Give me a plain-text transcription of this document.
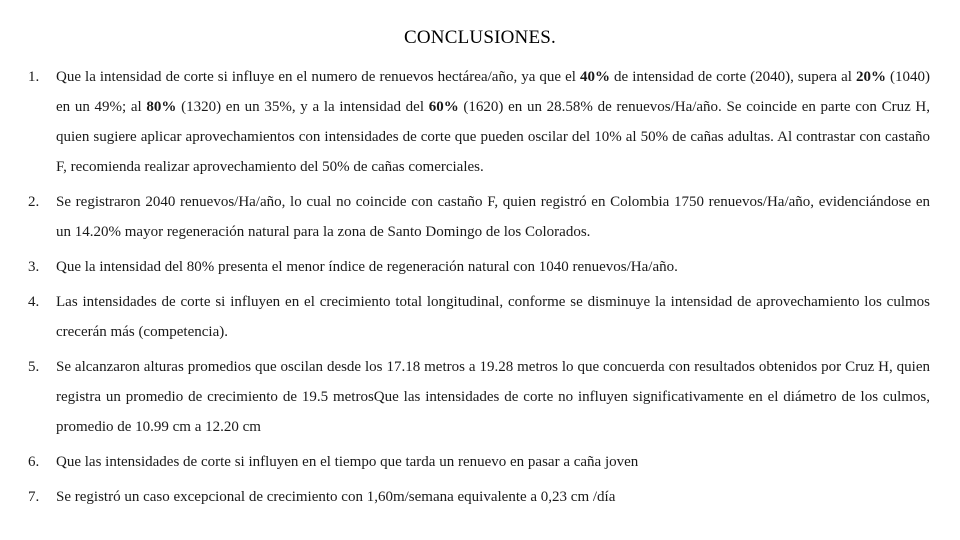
CONCLUSIONES.
1. Que la intensidad de corte si influye en el numero de renuevos hectárea/año, ya que el 40% de intensidad de corte (2040), supera al 20% (1040) en un 49%; al 80% (1320) en un 35%, y a la intensidad del 60% (1620) en un 28.58% de renuevos/Ha/año. Se coincide en parte con Cruz H, quien sugiere aplicar aprovechamientos con intensidades de corte que pueden oscilar del 10% al 50% de cañas adultas. Al contrastar con castaño F, recomienda realizar aprovechamiento del 50% de cañas comerciales.
2. Se registraron 2040 renuevos/Ha/año, lo cual no coincide con castaño F, quien registró en Colombia 1750 renuevos/Ha/año, evidenciándose en un 14.20% mayor regeneración natural para la zona de Santo Domingo de los Colorados.
3. Que la intensidad del 80% presenta el menor índice de regeneración natural con 1040 renuevos/Ha/año.
4. Las intensidades de corte si influyen en el crecimiento total longitudinal, conforme se disminuye la intensidad de aprovechamiento los culmos crecerán más (competencia).
5. Se alcanzaron alturas promedios que oscilan desde los 17.18 metros a 19.28 metros lo que concuerda con resultados obtenidos por Cruz H, quien registra un promedio de crecimiento de 19.5 metrosQue las intensidades de corte no influyen significativamente en el diámetro de los culmos, promedio de 10.99 cm a 12.20 cm
6. Que las intensidades de corte si influyen en el tiempo que tarda un renuevo en pasar a caña joven
7. Se registró un caso excepcional de crecimiento con 1,60m/semana equivalente a 0,23 cm /día
